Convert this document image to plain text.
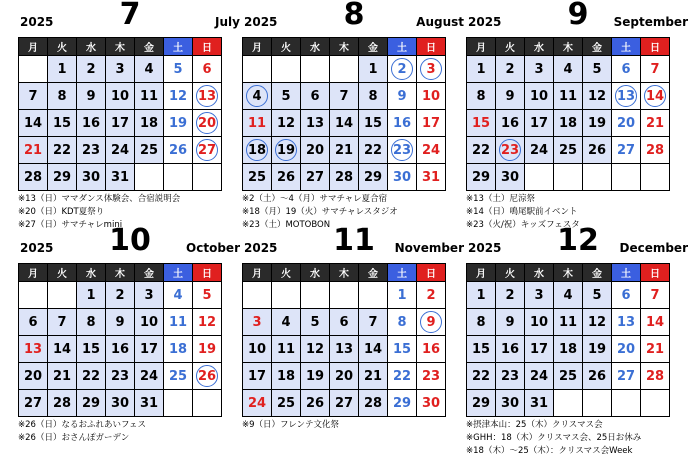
2025	7	July
月	火	水	木	金	土	日
	1	2	3	4	5	6
7	8	9	10	11	12	13
14	15	16	17	18	19	20
21	22	23	24	25	26	27
28	29	30	31			
※13（日）ママダンス体験会、合宿説明会
※20（日）KDT夏祭り
※27（日）サマチャレmini
2025	8	August
月	火	水	木	金	土	日
				1	2	3
4	5	6	7	8	9	10
11	12	13	14	15	16	17
18	19	20	21	22	23	24
25	26	27	28	29	30	31
※2（土）～4（月）サマチャレ夏合宿
※18（月）19（火）サマチャレスタジオ
※23（土）MOTOBON
2025	9	September
月	火	水	木	金	土	日
1	2	3	4	5	6	7
8	9	10	11	12	13	14
15	16	17	18	19	20	21
22	23	24	25	26	27	28
29	30					
※13（土）尼涼祭
※14（日）鳴尾駅前イベント
※23（火/祝）キッズフェスタ
2025	10	October
月	火	水	木	金	土	日
		1	2	3	4	5
6	7	8	9	10	11	12
13	14	15	16	17	18	19
20	21	22	23	24	25	26
27	28	29	30	31		
※26（日）なるおふれあいフェス
※26（日）おさんぽガーデン
2025	11	November
月	火	水	木	金	土	日
					1	2
3	4	5	6	7	8	9
10	11	12	13	14	15	16
17	18	19	20	21	22	23
24	25	26	27	28	29	30
※9（日）フレンテ文化祭
2025	12	December
月	火	水	木	金	土	日
1	2	3	4	5	6	7
8	9	10	11	12	13	14
15	16	17	18	19	20	21
22	23	24	25	26	27	28
29	30	31				
※摂津本山：25（木）クリスマス会
※GHH：18（木）クリスマス会、25日お休み
※18（木）～25（木）：クリスマス会Week
